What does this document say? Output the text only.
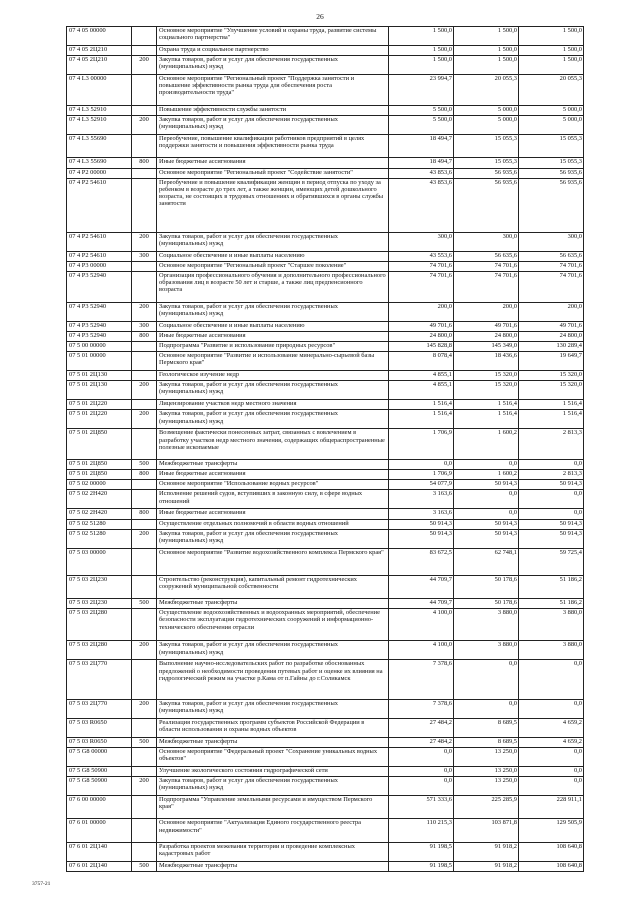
26
07 4 05 00000		Основное мероприятие "Улучшение условий и охраны труда, развитие системы социального партнерства"	1 500,0	1 500,0	1 500,0
07 4 05 2Ц210		Охрана труда и социальное партнерство	1 500,0	1 500,0	1 500,0
07 4 05 2Ц210	200	Закупка товаров, работ и услуг для обеспечения государственных (муниципальных) нужд	1 500,0	1 500,0	1 500,0
07 4 L3 00000		Основное мероприятие "Региональный проект "Поддержка занятости и повышение эффективности рынка труда для обеспечения роста производительности труда"	23 994,7	20 055,3	20 055,3
07 4 L3 52910		Повышение эффективности службы занятости	5 500,0	5 000,0	5 000,0
07 4 L3 52910	200	Закупка товаров, работ и услуг для обеспечения государственных (муниципальных) нужд	5 500,0	5 000,0	5 000,0
07 4 L3 55690		Переобучение, повышение квалификации работников предприятий в целях поддержки занятости и повышения эффективности рынка труда	18 494,7	15 055,3	15 055,3
07 4 L3 55690	800	Иные бюджетные ассигнования	18 494,7	15 055,3	15 055,3
07 4 P2 00000		Основное мероприятие "Региональный проект "Содействие занятости"	43 853,6	56 935,6	56 935,6
07 4 P2 54610		Переобучение и повышение квалификации женщин в период отпуска по уходу за ребенком в возрасте до трех лет, а также женщин, имеющих детей дошкольного возраста, не состоящих в трудовых отношениях и обратившихся в органы службы занятости	43 853,6	56 935,6	56 935,6
07 4 P2 54610	200	Закупка товаров, работ и услуг для обеспечения государственных (муниципальных) нужд	300,0	300,0	300,0
07 4 P2 54610	300	Социальное обеспечение и иные выплаты населению	43 553,6	56 635,6	56 635,6
07 4 P3 00000		Основное мероприятие "Региональный проект "Старшее поколение"	74 701,6	74 701,6	74 701,6
07 4 P3 52940		Организация профессионального обучения и дополнительного профессионального образования лиц в возрасте 50 лет и старше, а также лиц предпенсионного возраста	74 701,6	74 701,6	74 701,6
07 4 P3 52940	200	Закупка товаров, работ и услуг для обеспечения государственных (муниципальных) нужд	200,0	200,0	200,0
07 4 P3 52940	300	Социальное обеспечение и иные выплаты населению	49 701,6	49 701,6	49 701,6
07 4 P3 52940	800	Иные бюджетные ассигнования	24 800,0	24 800,0	24 800,0
07 5 00 00000		Подпрограмма "Развитие и использование природных ресурсов"	145 828,8	145 349,0	130 289,4
07 5 01 00000		Основное мероприятие "Развитие и использование минерально-сырьевой базы Пермского края"	8 078,4	18 436,6	19 649,7
07 5 01 2Ц130		Геологическое изучение недр	4 855,1	15 320,0	15 320,0
07 5 01 2Ц130	200	Закупка товаров, работ и услуг для обеспечения государственных (муниципальных) нужд	4 855,1	15 320,0	15 320,0
07 5 01 2Ц220		Лицензирование участков недр местного значения	1 516,4	1 516,4	1 516,4
07 5 01 2Ц220	200	Закупка товаров, работ и услуг для обеспечения государственных (муниципальных) нужд	1 516,4	1 516,4	1 516,4
07 5 01 2Ц850		Возмещение фактически понесенных затрат, связанных с вовлечением в разработку участков недр местного значения, содержащих общераспространенные полезные ископаемые	1 706,9	1 600,2	2 813,3
07 5 01 2Ц850	500	Межбюджетные трансферты	0,0	0,0	0,0
07 5 01 2Ц850	800	Иные бюджетные ассигнования	1 706,9	1 600,2	2 813,3
07 5 02 00000		Основное мероприятие "Использование водных ресурсов"	54 077,9	50 914,3	50 914,3
07 5 02 2Н420		Исполнение решений судов, вступивших в законную силу, в сфере водных отношений	3 163,6	0,0	0,0
07 5 02 2Н420	800	Иные бюджетные ассигнования	3 163,6	0,0	0,0
07 5 02 51280		Осуществление отдельных полномочий в области водных отношений	50 914,3	50 914,3	50 914,3
07 5 02 51280	200	Закупка товаров, работ и услуг для обеспечения государственных (муниципальных) нужд	50 914,3	50 914,3	50 914,3
07 5 03 00000		Основное мероприятие "Развитие водохозяйственного комплекса Пермского края"	83 672,5	62 748,1	59 725,4
07 5 03 2Ц230		Строительство (реконструкция), капитальный ремонт гидротехнических сооружений муниципальной собственности	44 709,7	50 178,6	51 186,2
07 5 03 2Ц230	500	Межбюджетные трансферты	44 709,7	50 178,6	51 186,2
07 5 03 2Ц280		Осуществление водоохозяйственных и водоохранных мероприятий, обеспечение безопасности эксплуатации гидротехнических сооружений и информационно-технического обеспечения отрасли	4 100,0	3 880,0	3 880,0
07 5 03 2Ц280	200	Закупка товаров, работ и услуг для обеспечения государственных (муниципальных) нужд	4 100,0	3 880,0	3 880,0
07 5 03 2Ц770		Выполнение научно-исследовательских работ по разработке обоснованных предложений о необходимости проведения путевых работ и оценке их влияния на гидрологический режим на участке р.Кама от п.Гайны до г.Соликамск	7 378,6	0,0	0,0
07 5 03 2Ц770	200	Закупка товаров, работ и услуг для обеспечения государственных (муниципальных) нужд	7 378,6	0,0	0,0
07 5 03 R0650		Реализация государственных программ субъектов Российской Федерации в области использования и охраны водных объектов	27 484,2	8 689,5	4 659,2
07 5 03 R0650	500	Межбюджетные трансферты	27 484,2	8 689,5	4 659,2
07 5 G8 00000		Основное мероприятие "Федеральный проект "Сохранение уникальных водных объектов"	0,0	13 250,0	0,0
07 5 G8 50900		Улучшение экологического состояния гидрографической сети	0,0	13 250,0	0,0
07 5 G8 50900	200	Закупка товаров, работ и услуг для обеспечения государственных (муниципальных) нужд	0,0	13 250,0	0,0
07 6 00 00000		Подпрограмма "Управление земельными ресурсами и имуществом Пермского края"	571 333,6	225 285,9	228 911,1
07 6 01 00000		Основное мероприятие "Актуализация Единого государственного реестра недвижимости"	110 215,3	103 871,8	129 505,9
07 6 01 2Ц140		Разработка проектов межевания территории и проведение комплексных кадастровых работ	91 198,5	91 918,2	108 640,8
07 6 01 2Ц140	500	Межбюджетные трансферты	91 198,5	91 918,2	108 640,8
3757-21
